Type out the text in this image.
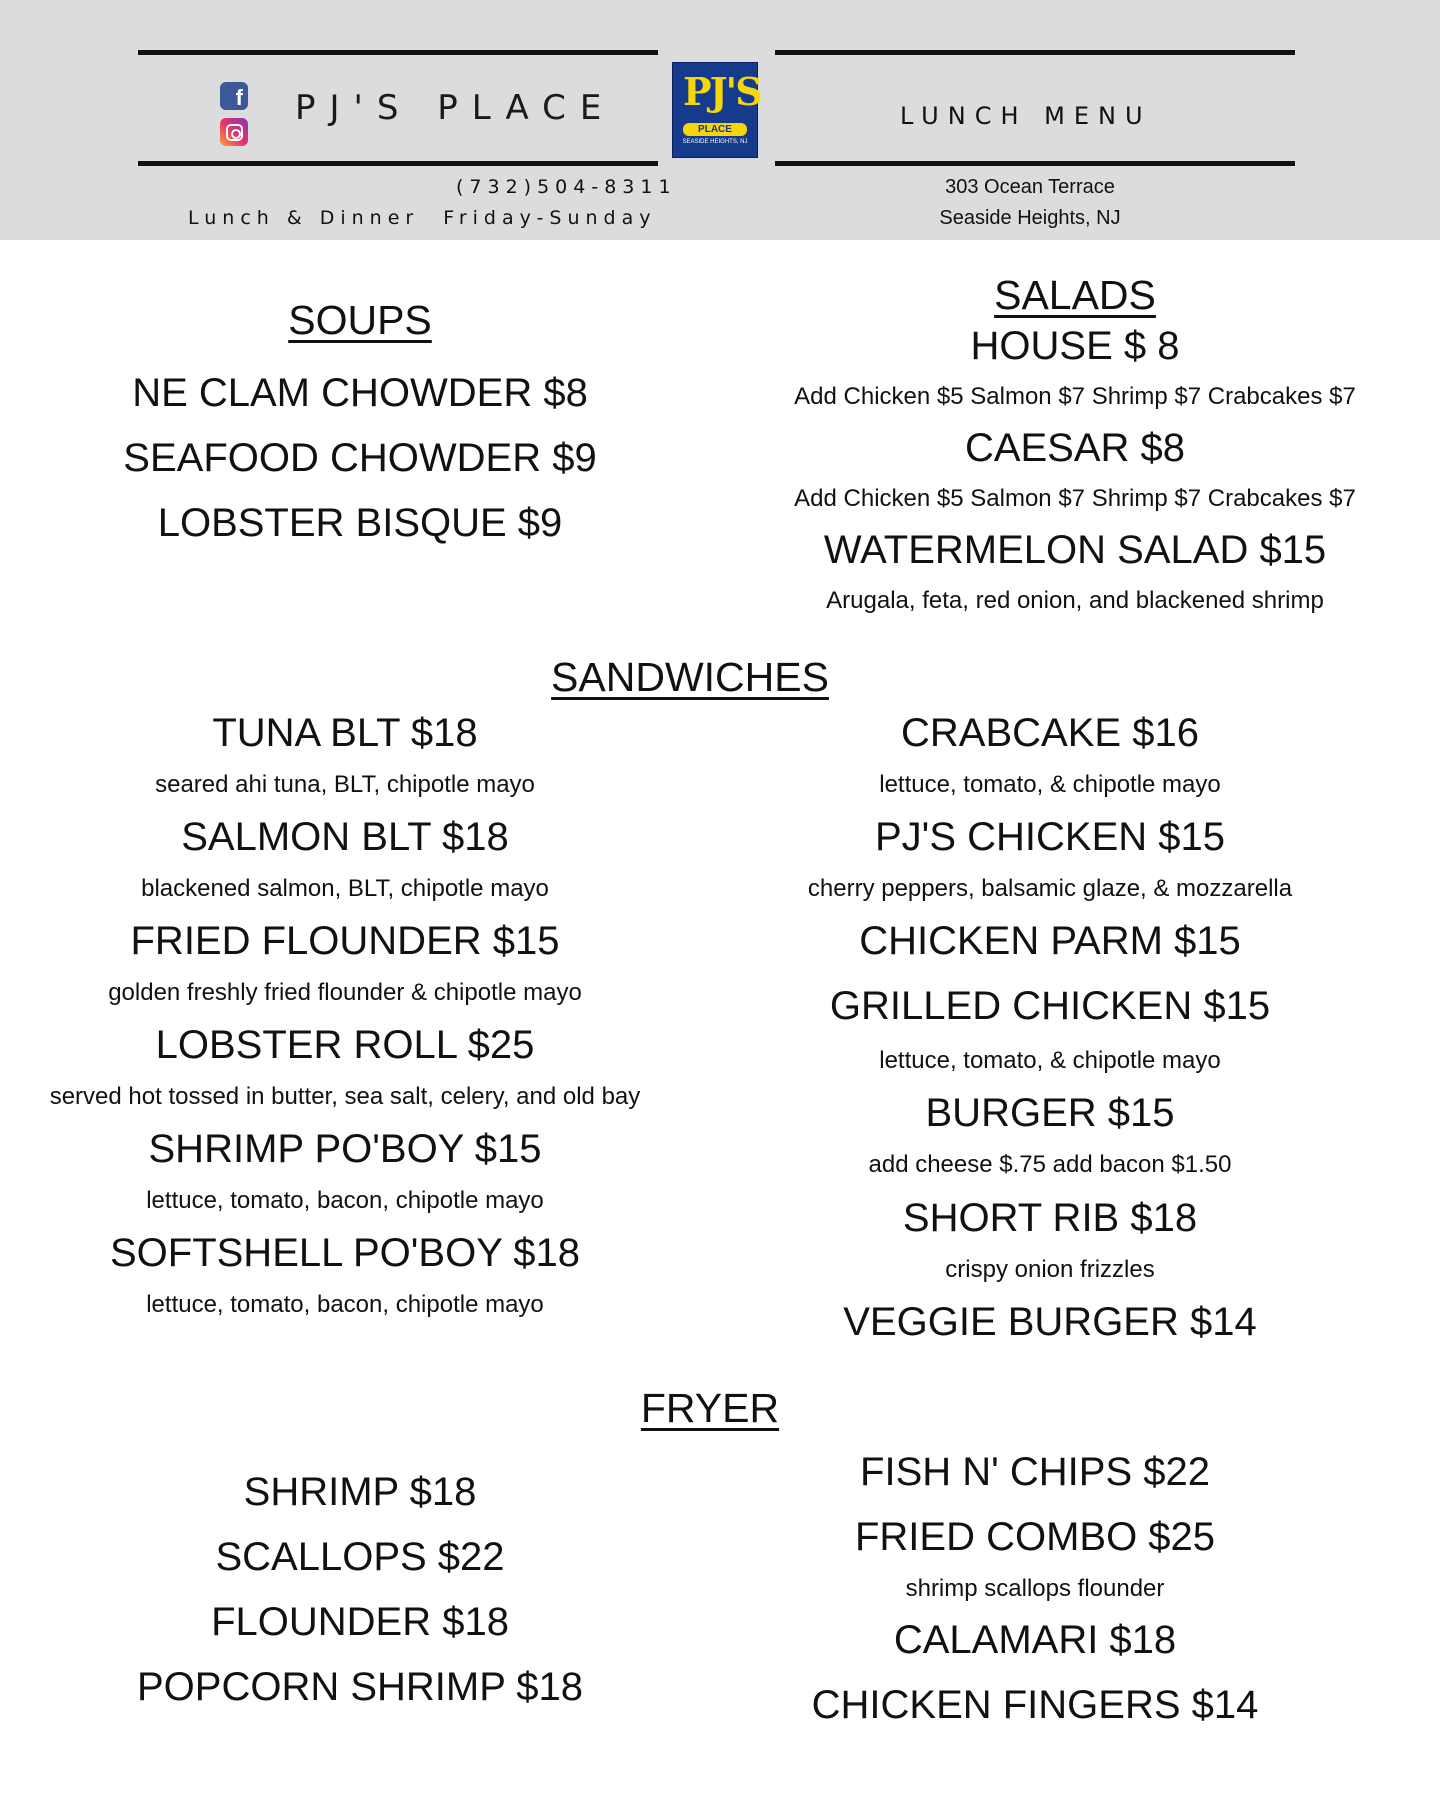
f PJ'S PLACE PJ'S
PLACE
SEASIDE HEIGHTS, NJ
LUNCH MENU
(732)504-8311
Lunch & Dinner  Friday-Sunday
303 Ocean Terrace
Seaside Heights, NJ
SOUPS
NE CLAM CHOWDER $8
SEAFOOD CHOWDER $9
LOBSTER BISQUE $9
SALADS
HOUSE $ 8
Add Chicken $5 Salmon $7 Shrimp $7 Crabcakes $7
CAESAR $8
Add Chicken $5 Salmon $7 Shrimp $7 Crabcakes $7
WATERMELON SALAD $15
Arugala, feta, red onion, and blackened shrimp
SANDWICHES
TUNA BLT $18
seared ahi tuna, BLT, chipotle mayo
SALMON BLT $18
blackened salmon, BLT, chipotle mayo
FRIED FLOUNDER $15
golden freshly fried flounder & chipotle mayo
LOBSTER ROLL $25
served hot tossed in butter, sea salt, celery, and old bay
SHRIMP PO'BOY $15
lettuce, tomato, bacon, chipotle mayo
SOFTSHELL PO'BOY $18
lettuce, tomato, bacon, chipotle mayo
CRABCAKE $16
lettuce, tomato, & chipotle mayo
PJ'S CHICKEN $15
cherry peppers, balsamic glaze, & mozzarella
CHICKEN PARM $15
GRILLED CHICKEN $15
lettuce, tomato, & chipotle mayo
BURGER $15
add cheese $.75 add bacon $1.50
SHORT RIB $18
crispy onion frizzles
VEGGIE BURGER $14
FRYER
SHRIMP $18
SCALLOPS $22
FLOUNDER $18
POPCORN SHRIMP $18
FISH N' CHIPS $22
FRIED COMBO $25
shrimp scallops flounder
CALAMARI $18
CHICKEN FINGERS $14
